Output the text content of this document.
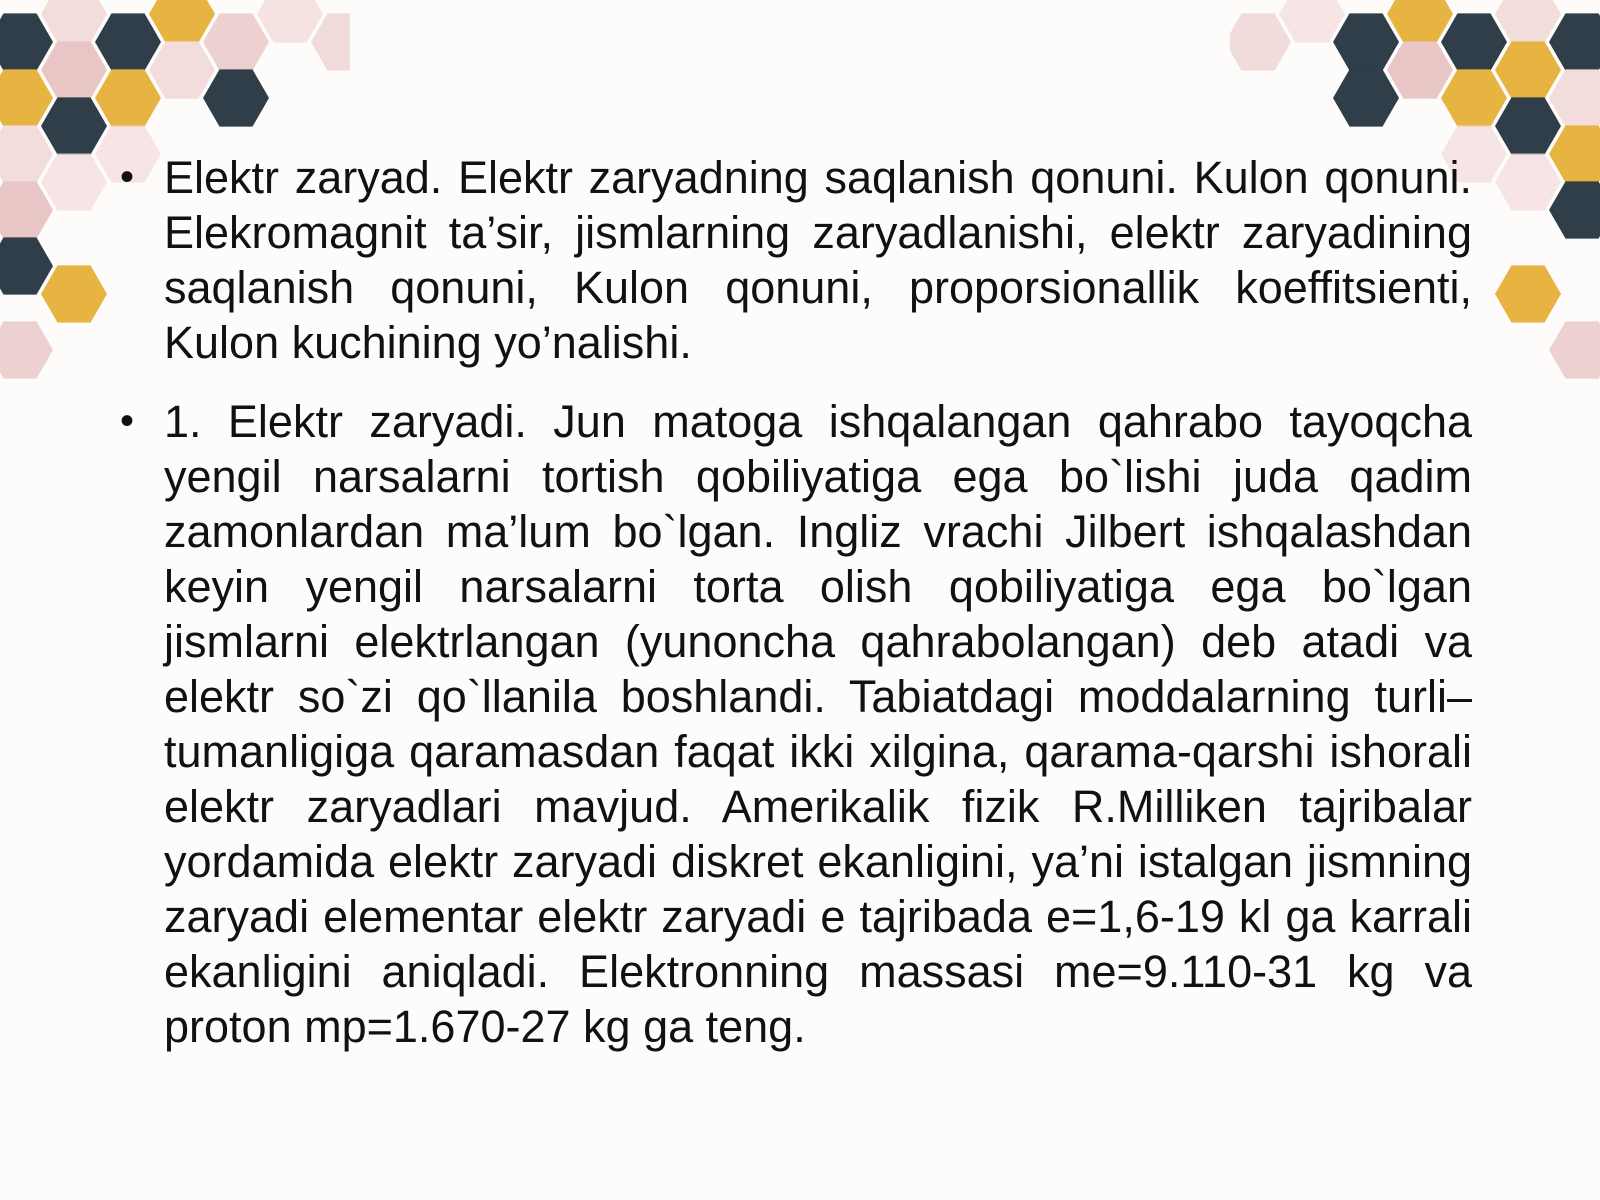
• Elektr zaryad. Elektr zaryadning saqlanish qonuni. Kulon qonuni. Elekromagnit ta’sir, jismlarning zaryadlanishi, elektr zaryadining saqlanish qonuni, Kulon qonuni, proporsionallik koeffitsienti, Kulon kuchining yo’nalishi.
• 1. Elektr zaryadi. Jun matoga ishqalangan qahrabo tayoqcha yengil narsalarni tortish qobiliyatiga ega bo`lishi juda qadim zamonlardan ma’lum bo`lgan. Ingliz vrachi Jilbert ishqalashdan keyin yengil narsalarni torta olish qobiliyatiga ega bo`lgan jismlarni elektrlangan (yunoncha qahrabolangan) deb atadi va elektr so`zi qo`llanila boshlandi. Tabiatdagi moddalarning turli–tumanligiga qaramasdan faqat ikki xilgina, qarama-qarshi ishorali elektr zaryadlari mavjud. Amerikalik fizik R.Milliken tajribalar yordamida elektr zaryadi diskret ekanligini, ya’ni istalgan jismning zaryadi elementar elektr zaryadi e tajribada e=1,6-19 kl ga karrali ekanligini aniqladi. Elektronning massasi me=9.110-31 kg va proton mp=1.670-27 kg ga teng.
